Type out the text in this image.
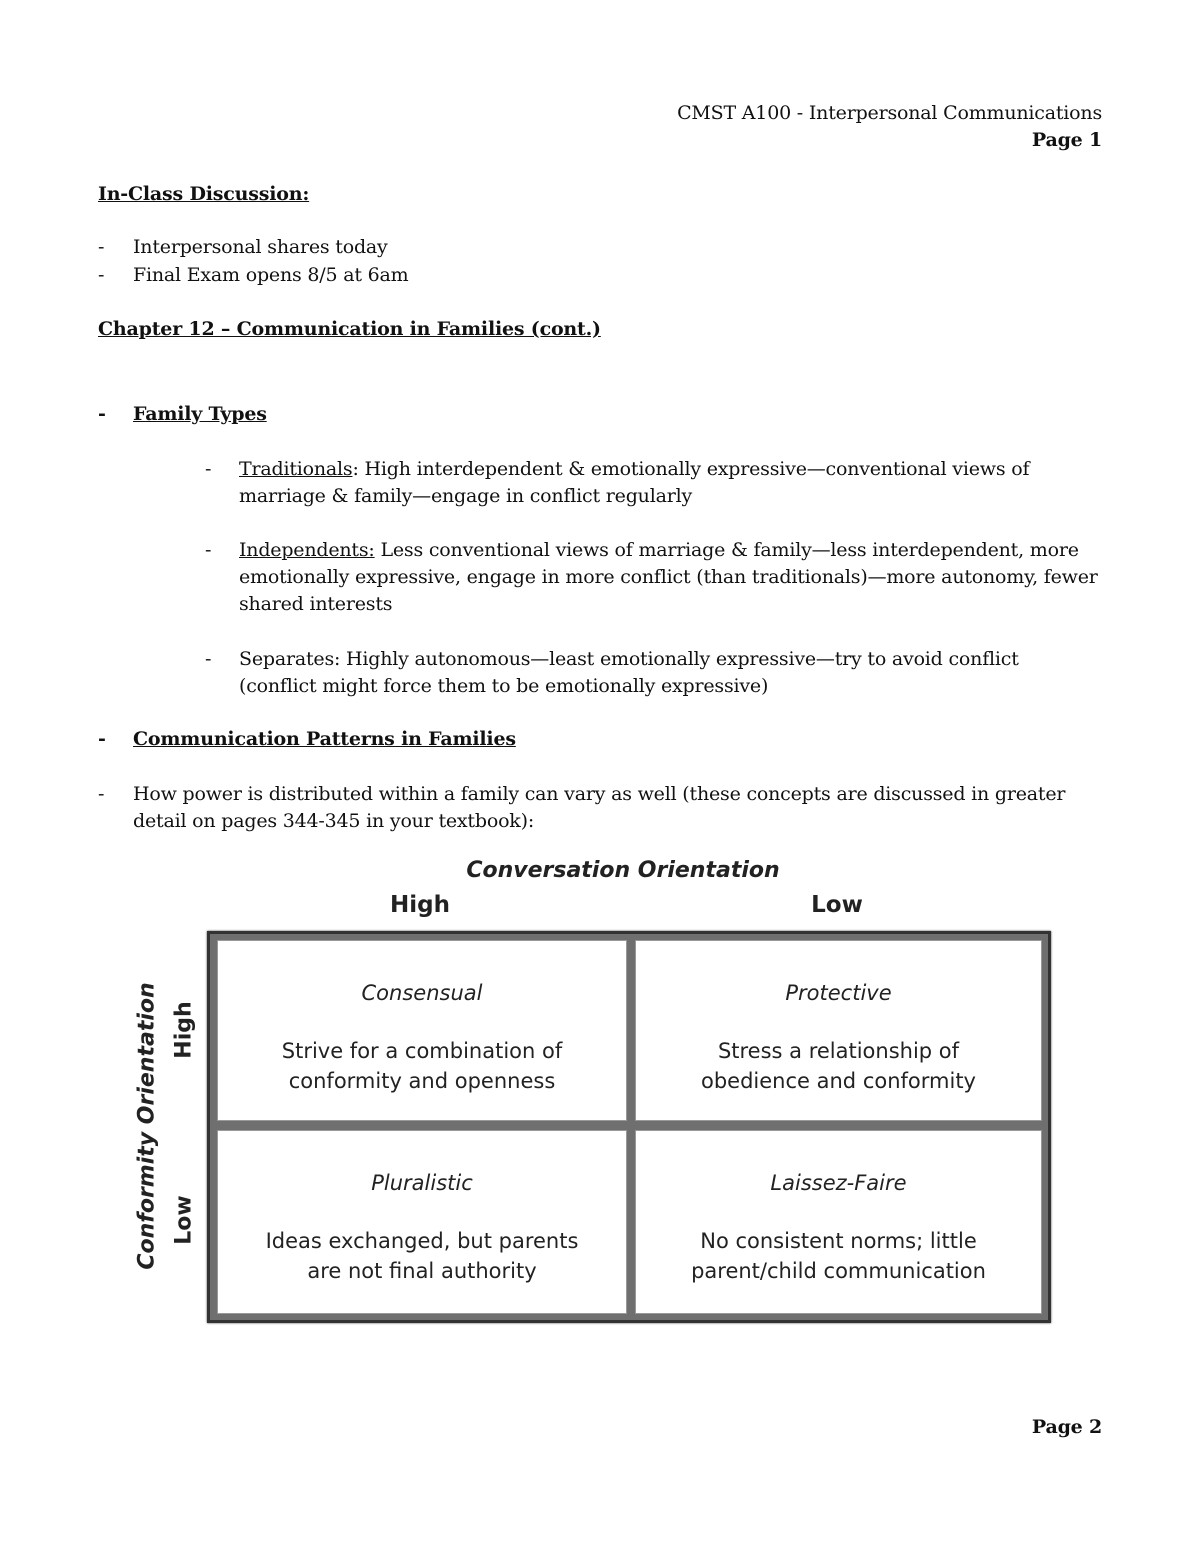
CMST A100 - Interpersonal Communications
Page 1
In-Class Discussion:
- Interpersonal shares today
- Final Exam opens 8/5 at 6am
Chapter 12 – Communication in Families (cont.)
- Family Types
- Traditionals: High interdependent & emotionally expressive—conventional views of
marriage & family—engage in conflict regularly
- Independents: Less conventional views of marriage & family—less interdependent, more
emotionally expressive, engage in more conflict (than traditionals)—more autonomy, fewer
shared interests
- Separates: Highly autonomous—least emotionally expressive—try to avoid conflict
(conflict might force them to be emotionally expressive)
- Communication Patterns in Families
- How power is distributed within a family can vary as well (these concepts are discussed in greater
detail on pages 344-345 in your textbook):
Conversation Orientation
High	Low
Conformity Orientation High
Low
Consensual
Strive for a combination of
conformity and openness
Protective
Stress a relationship of
obedience and conformity
Pluralistic
Ideas exchanged, but parents
are not final authority
Laissez-Faire
No consistent norms; little
parent/child communication
Page 2
